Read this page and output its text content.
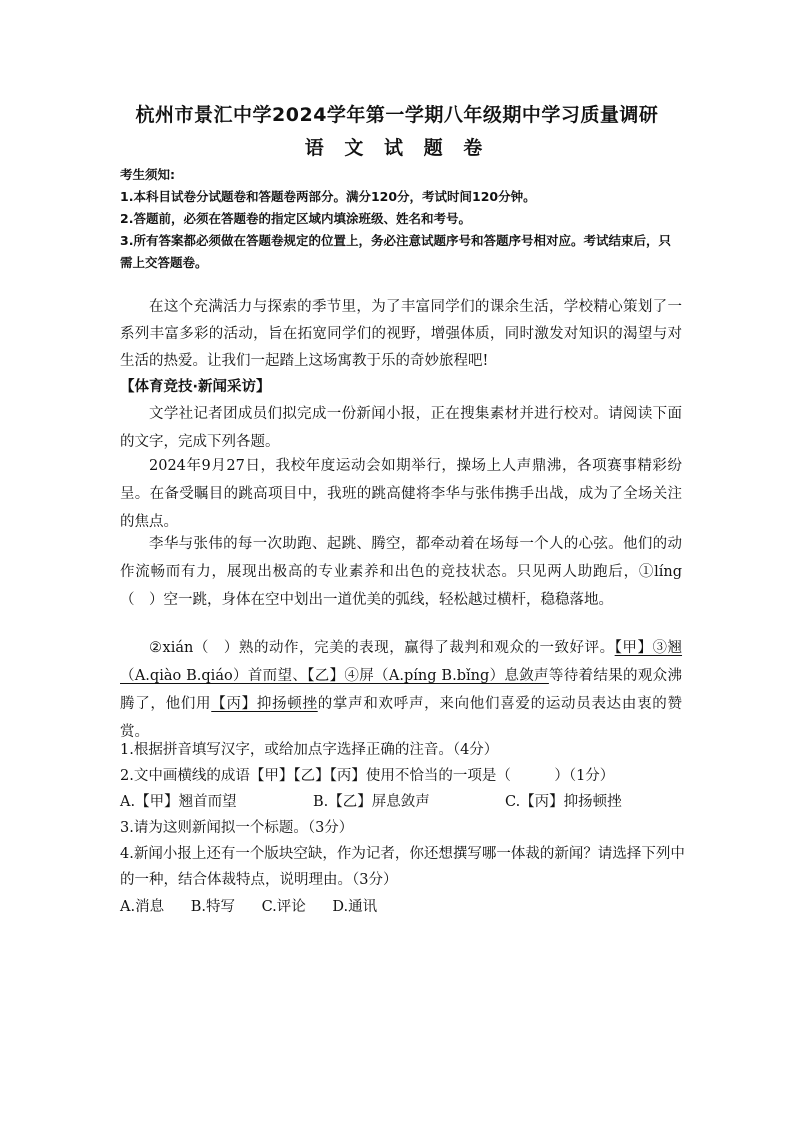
杭州市景汇中学2024学年第一学期八年级期中学习质量调研
语 文 试 题 卷
考生须知:
1.本科目试卷分试题卷和答题卷两部分。满分120分，考试时间120分钟。
2.答题前，必须在答题卷的指定区域内填涂班级、姓名和考号。
3.所有答案都必须做在答题卷规定的位置上，务必注意试题序号和答题序号相对应。考试结束后，只需上交答题卷。
在这个充满活力与探索的季节里，为了丰富同学们的课余生活，学校精心策划了一系列丰富多彩的活动，旨在拓宽同学们的视野，增强体质，同时激发对知识的渴望与对生活的热爱。让我们一起踏上这场寓教于乐的奇妙旅程吧!
【体育竞技·新闻采访】
文学社记者团成员们拟完成一份新闻小报，正在搜集素材并进行校对。请阅读下面的文字，完成下列各题。
2024年9月27日，我校年度运动会如期举行，操场上人声鼎沸，各项赛事精彩纷呈。在备受瞩目的跳高项目中，我班的跳高健将李华与张伟携手出战，成为了全场关注的焦点。
李华与张伟的每一次助跑、起跳、腾空，都牵动着在场每一个人的心弦。他们的动作流畅而有力，展现出极高的专业素养和出色的竞技状态。只见两人助跑后，①líng（　）空一跳，身体在空中划出一道优美的弧线，轻松越过横杆，稳稳落地。
②xián（　）熟的动作，完美的表现，赢得了裁判和观众的一致好评。【甲】③翘（A.qiào B.qiáo）首而望、【乙】④屏（A.píng B.bǐng）息敛声等待着结果的观众沸腾了，他们用【丙】抑扬顿挫的掌声和欢呼声，来向他们喜爱的运动员表达由衷的赞赏。
1.根据拼音填写汉字，或给加点字选择正确的注音。（4分）
2.文中画横线的成语【甲】【乙】【丙】使用不恰当的一项是（　　　）（1分）
A.【甲】翘首而望	B.【乙】屏息敛声	C.【丙】抑扬顿挫
3.请为这则新闻拟一个标题。（3分）
4.新闻小报上还有一个版块空缺，作为记者，你还想撰写哪一体裁的新闻？请选择下列中的一种，结合体裁特点，说明理由。（3分）
A.消息 B.特写 C.评论 D.通讯
